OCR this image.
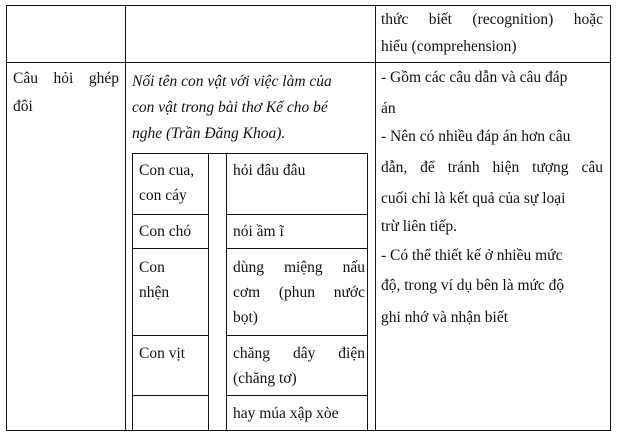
thức biết (recognition) hoặc
hiểu (comprehension)
Câu hỏi ghép
đôi
Nối tên con vật với việc làm của
con vật trong bài thơ Kể cho bé
nghe (Trần Đăng Khoa).
Con cua,
con cáy
Con chó
Con
nhện
Con vịt
hỏi đâu đâu
nói ầm ĩ
dùng miệng nấu
cơm (phun nước
bọt)
chăng dây điện
(chăng tơ)
hay múa xập xòe
- Gồm các câu dẫn và câu đáp
án
- Nên có nhiều đáp án hơn câu
dẫn, để tránh hiện tượng câu
cuối chỉ là kết quả của sự loại
trừ liên tiếp.
- Có thể thiết kế ở nhiều mức
độ, trong ví dụ bên là mức độ
ghi nhớ và nhận biết
